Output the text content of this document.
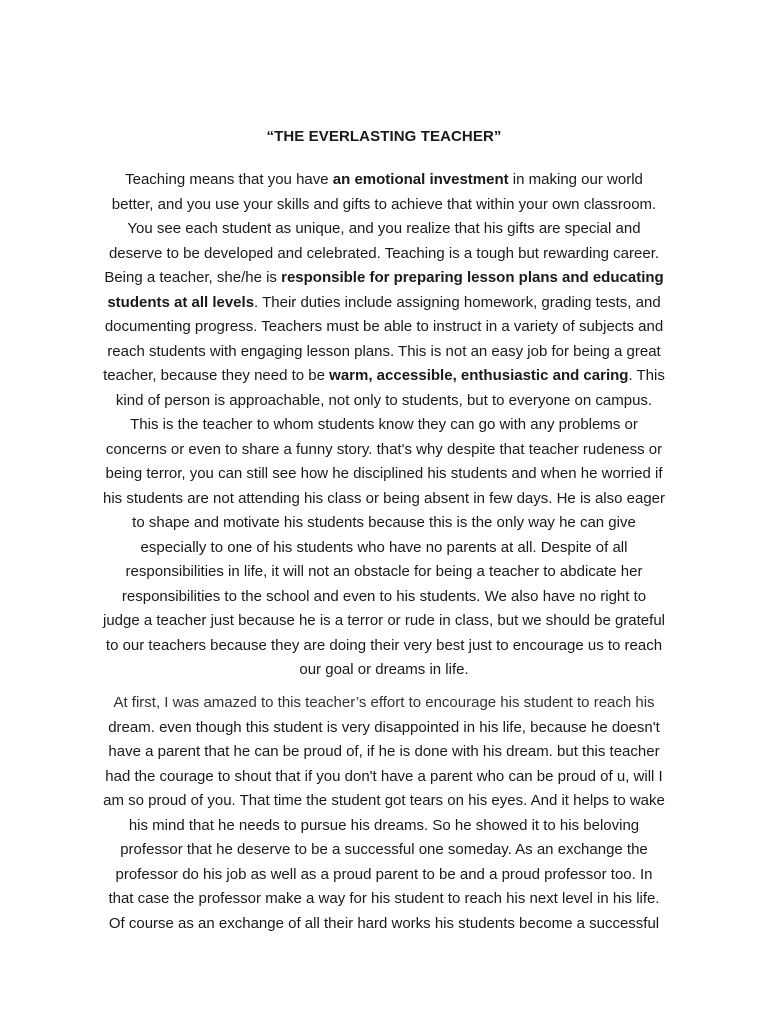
“THE EVERLASTING TEACHER”
Teaching means that you have an emotional investment in making our world
better, and you use your skills and gifts to achieve that within your own classroom.
You see each student as unique, and you realize that his gifts are special and
deserve to be developed and celebrated. Teaching is a tough but rewarding career.
Being a teacher, she/he is responsible for preparing lesson plans and educating
students at all levels. Their duties include assigning homework, grading tests, and
documenting progress. Teachers must be able to instruct in a variety of subjects and
reach students with engaging lesson plans. This is not an easy job for being a great
teacher, because they need to be warm, accessible, enthusiastic and caring. This
kind of person is approachable, not only to students, but to everyone on campus.
This is the teacher to whom students know they can go with any problems or
concerns or even to share a funny story. that's why despite that teacher rudeness or
being terror, you can still see how he disciplined his students and when he worried if
his students are not attending his class or being absent in few days. He is also eager
to shape and motivate his students because this is the only way he can give
especially to one of his students who have no parents at all. Despite of all
responsibilities in life, it will not an obstacle for being a teacher to abdicate her
responsibilities to the school and even to his students. We also have no right to
judge a teacher just because he is a terror or rude in class, but we should be grateful
to our teachers because they are doing their very best just to encourage us to reach
our goal or dreams in life.
At first, I was amazed to this teacher’s effort to encourage his student to reach his
dream. even though this student is very disappointed in his life, because he doesn't
have a parent that he can be proud of, if he is done with his dream. but this teacher
had the courage to shout that if you don't have a parent who can be proud of u, will I
am so proud of you. That time the student got tears on his eyes. And it helps to wake
his mind that he needs to pursue his dreams. So he showed it to his beloving
professor that he deserve to be a successful one someday. As an exchange the
professor do his job as well as a proud parent to be and a proud professor too. In
that case the professor make a way for his student to reach his next level in his life.
Of course as an exchange of all their hard works his students become a successful
